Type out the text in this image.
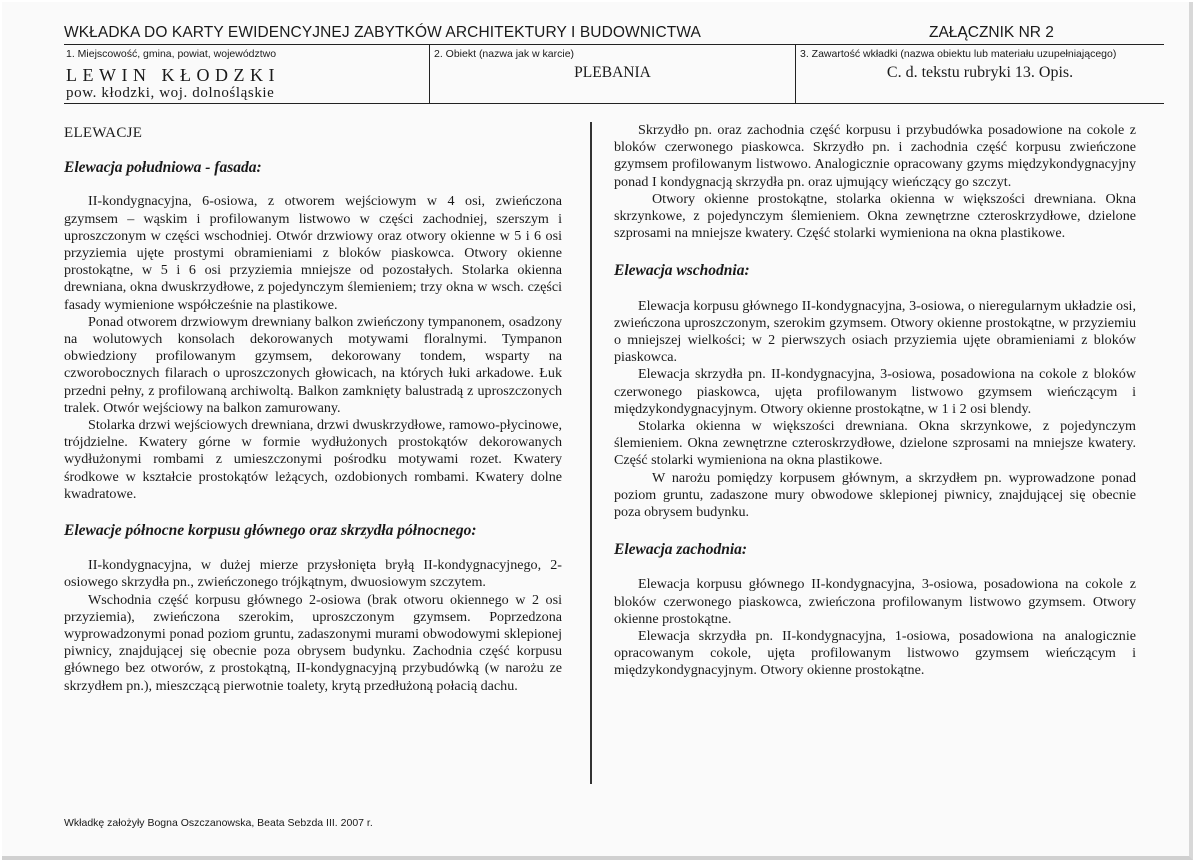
WKŁADKA DO KARTY EWIDENCYJNEJ ZABYTKÓW ARCHITEKTURY I BUDOWNICTWA	ZAŁĄCZNIK NR 2
1. Miejscowość, gmina, powiat, województwo
LEWIN KŁODZKI
pow. kłodzki, woj. dolnośląskie
2. Obiekt (nazwa jak w karcie)
PLEBANIA
3. Zawartość wkładki (nazwa obiektu lub materiału uzupełniającego)
C. d. tekstu rubryki 13. Opis.
ELEWACJE
Elewacja południowa - fasada:

II-kondygnacyjna, 6-osiowa, z otworem wejściowym w 4 osi, zwieńczona gzymsem – wąskim i profilowanym listwowo w części zachodniej, szerszym i uproszczonym w części wschodniej. Otwór drzwiowy oraz otwory okienne w 5 i 6 osi przyziemia ujęte prostymi obramieniami z bloków piaskowca. Otwory okienne prostokątne, w 5 i 6 osi przyziemia mniejsze od pozostałych. Stolarka okienna drewniana, okna dwuskrzydłowe, z pojedynczym ślemieniem; trzy okna w wsch. części fasady wymienione współcześnie na plastikowe.

Ponad otworem drzwiowym drewniany balkon zwieńczony tympanonem, osadzony na wolutowych konsolach dekorowanych motywami floralnymi. Tympanon obwiedziony profilowanym gzymsem, dekorowany tondem, wsparty na czworobocznych filarach o uproszczonych głowicach, na których łuki arkadowe. Łuk przedni pełny, z profilowaną archiwoltą. Balkon zamknięty balustradą z uproszczonych tralek. Otwór wejściowy na balkon zamurowany.

Stolarka drzwi wejściowych drewniana, drzwi dwuskrzydłowe, ramowo-płycinowe, trójdzielne. Kwatery górne w formie wydłużonych prostokątów dekorowanych wydłużonymi rombami z umieszczonymi pośrodku motywami rozet. Kwatery środkowe w kształcie prostokątów leżących, ozdobionych rombami. Kwatery dolne kwadratowe.

Elewacje północne korpusu głównego oraz skrzydła północnego:

II-kondygnacyjna, w dużej mierze przysłonięta bryłą II-kondygnacyjnego, 2-osiowego skrzydła pn., zwieńczonego trójkątnym, dwuosiowym szczytem.

Wschodnia część korpusu głównego 2-osiowa (brak otworu okiennego w 2 osi przyziemia), zwieńczona szerokim, uproszczonym gzymsem. Poprzedzona wyprowadzonymi ponad poziom gruntu, zadaszonymi murami obwodowymi sklepionej piwnicy, znajdującej się obecnie poza obrysem budynku. Zachodnia część korpusu głównego bez otworów, z prostokątną, II-kondygnacyjną przybudówką (w narożu ze skrzydłem pn.), mieszczącą pierwotnie toalety, krytą przedłużoną połacią dachu.

Skrzydło pn. oraz zachodnia część korpusu i przybudówka posadowione na cokole z bloków czerwonego piaskowca. Skrzydło pn. i zachodnia część korpusu zwieńczone gzymsem profilowanym listwowo. Analogicznie opracowany gzyms międzykondygnacyjny ponad I kondygnacją skrzydła pn. oraz ujmujący wieńczący go szczyt.

Otwory okienne prostokątne, stolarka okienna w większości drewniana. Okna skrzynkowe, z pojedynczym ślemieniem. Okna zewnętrzne czteroskrzydłowe, dzielone szprosami na mniejsze kwatery. Część stolarki wymieniona na okna plastikowe.

Elewacja wschodnia:

Elewacja korpusu głównego II-kondygnacyjna, 3-osiowa, o nieregularnym układzie osi, zwieńczona uproszczonym, szerokim gzymsem. Otwory okienne prostokątne, w przyziemiu o mniejszej wielkości; w 2 pierwszych osiach przyziemia ujęte obramieniami z bloków piaskowca.

Elewacja skrzydła pn. II-kondygnacyjna, 3-osiowa, posadowiona na cokole z bloków czerwonego piaskowca, ujęta profilowanym listwowo gzymsem wieńczącym i międzykondygnacyjnym. Otwory okienne prostokątne, w 1 i 2 osi blendy.

Stolarka okienna w większości drewniana. Okna skrzynkowe, z pojedynczym ślemieniem. Okna zewnętrzne czteroskrzydłowe, dzielone szprosami na mniejsze kwatery. Część stolarki wymieniona na okna plastikowe.

W narożu pomiędzy korpusem głównym, a skrzydłem pn. wyprowadzone ponad poziom gruntu, zadaszone mury obwodowe sklepionej piwnicy, znajdującej się obecnie poza obrysem budynku.

Elewacja zachodnia:

Elewacja korpusu głównego II-kondygnacyjna, 3-osiowa, posadowiona na cokole z bloków czerwonego piaskowca, zwieńczona profilowanym listwowo gzymsem. Otwory okienne prostokątne.

Elewacja skrzydła pn. II-kondygnacyjna, 1-osiowa, posadowiona na analogicznie opracowanym cokole, ujęta profilowanym listwowo gzymsem wieńczącym i międzykondygnacyjnym. Otwory okienne prostokątne.

Wkładkę założyły Bogna Oszczanowska, Beata Sebzda III. 2007 r.
